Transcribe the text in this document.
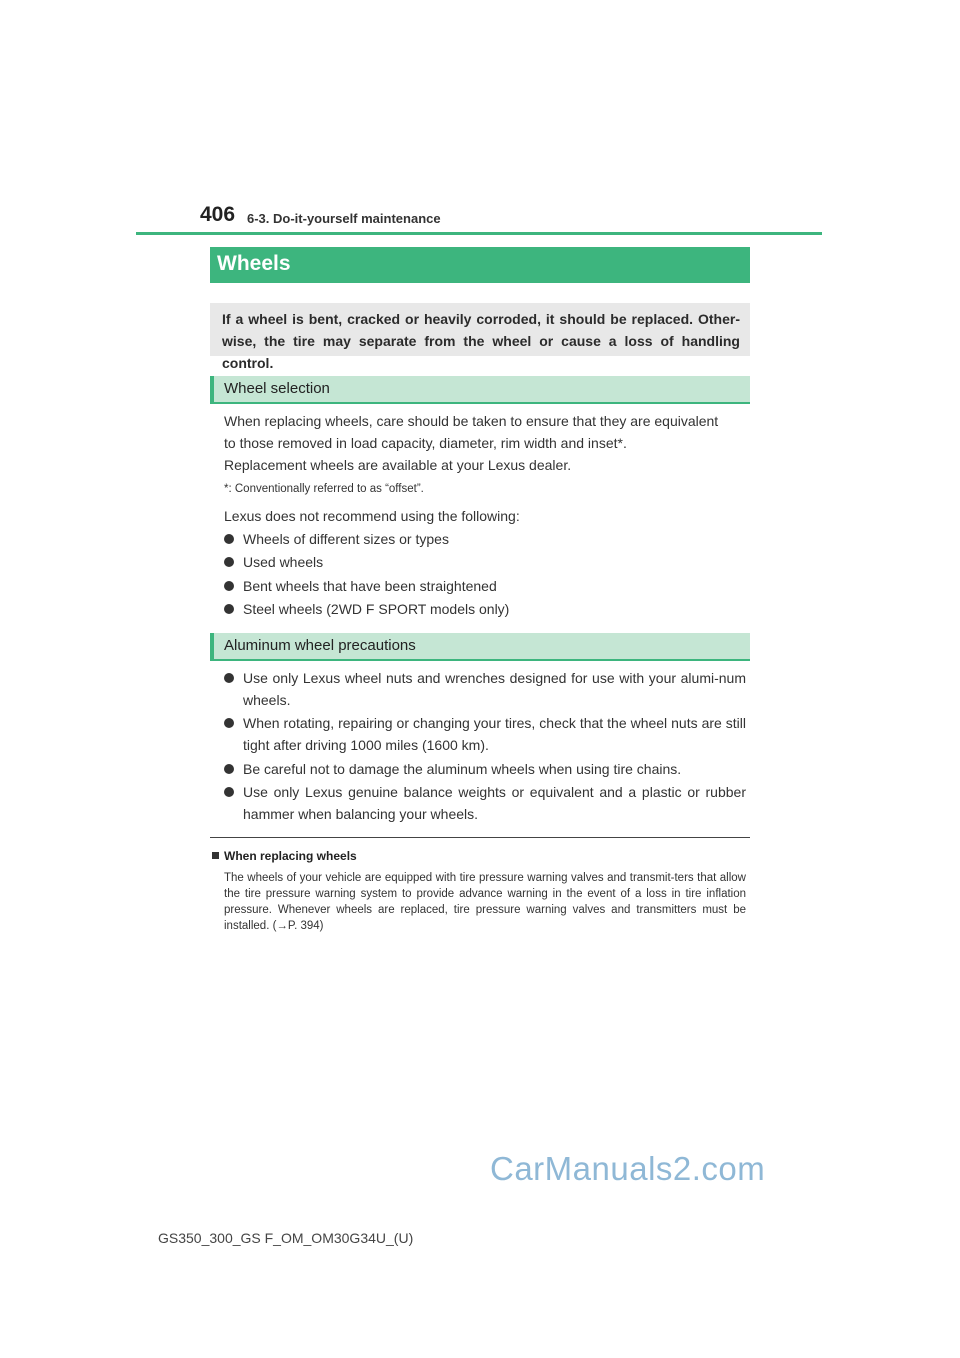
406 6-3. Do-it-yourself maintenance
Wheels

If a wheel is bent, cracked or heavily corroded, it should be replaced. Other-wise, the tire may separate from the wheel or cause a loss of handling control.

Wheel selection
When replacing wheels, care should be taken to ensure that they are equivalent
to those removed in load capacity, diameter, rim width and inset*.
Replacement wheels are available at your Lexus dealer.
*: Conventionally referred to as “offset”.
Lexus does not recommend using the following:
Wheels of different sizes or types
Used wheels
Bent wheels that have been straightened
Steel wheels (2WD F SPORT models only)
Aluminum wheel precautions
Use only Lexus wheel nuts and wrenches designed for use with your alumi-num wheels.
When rotating, repairing or changing your tires, check that the wheel nuts are still tight after driving 1000 miles (1600 km).
Be careful not to damage the aluminum wheels when using tire chains.
Use only Lexus genuine balance weights or equivalent and a plastic or rubber hammer when balancing your wheels.
When replacing wheels

The wheels of your vehicle are equipped with tire pressure warning valves and transmit-ters that allow the tire pressure warning system to provide advance warning in the event of a loss in tire inflation pressure. Whenever wheels are replaced, tire pressure warning valves and transmitters must be installed. (→P. 394)

CarManuals2.com
GS350_300_GS F_OM_OM30G34U_(U)
